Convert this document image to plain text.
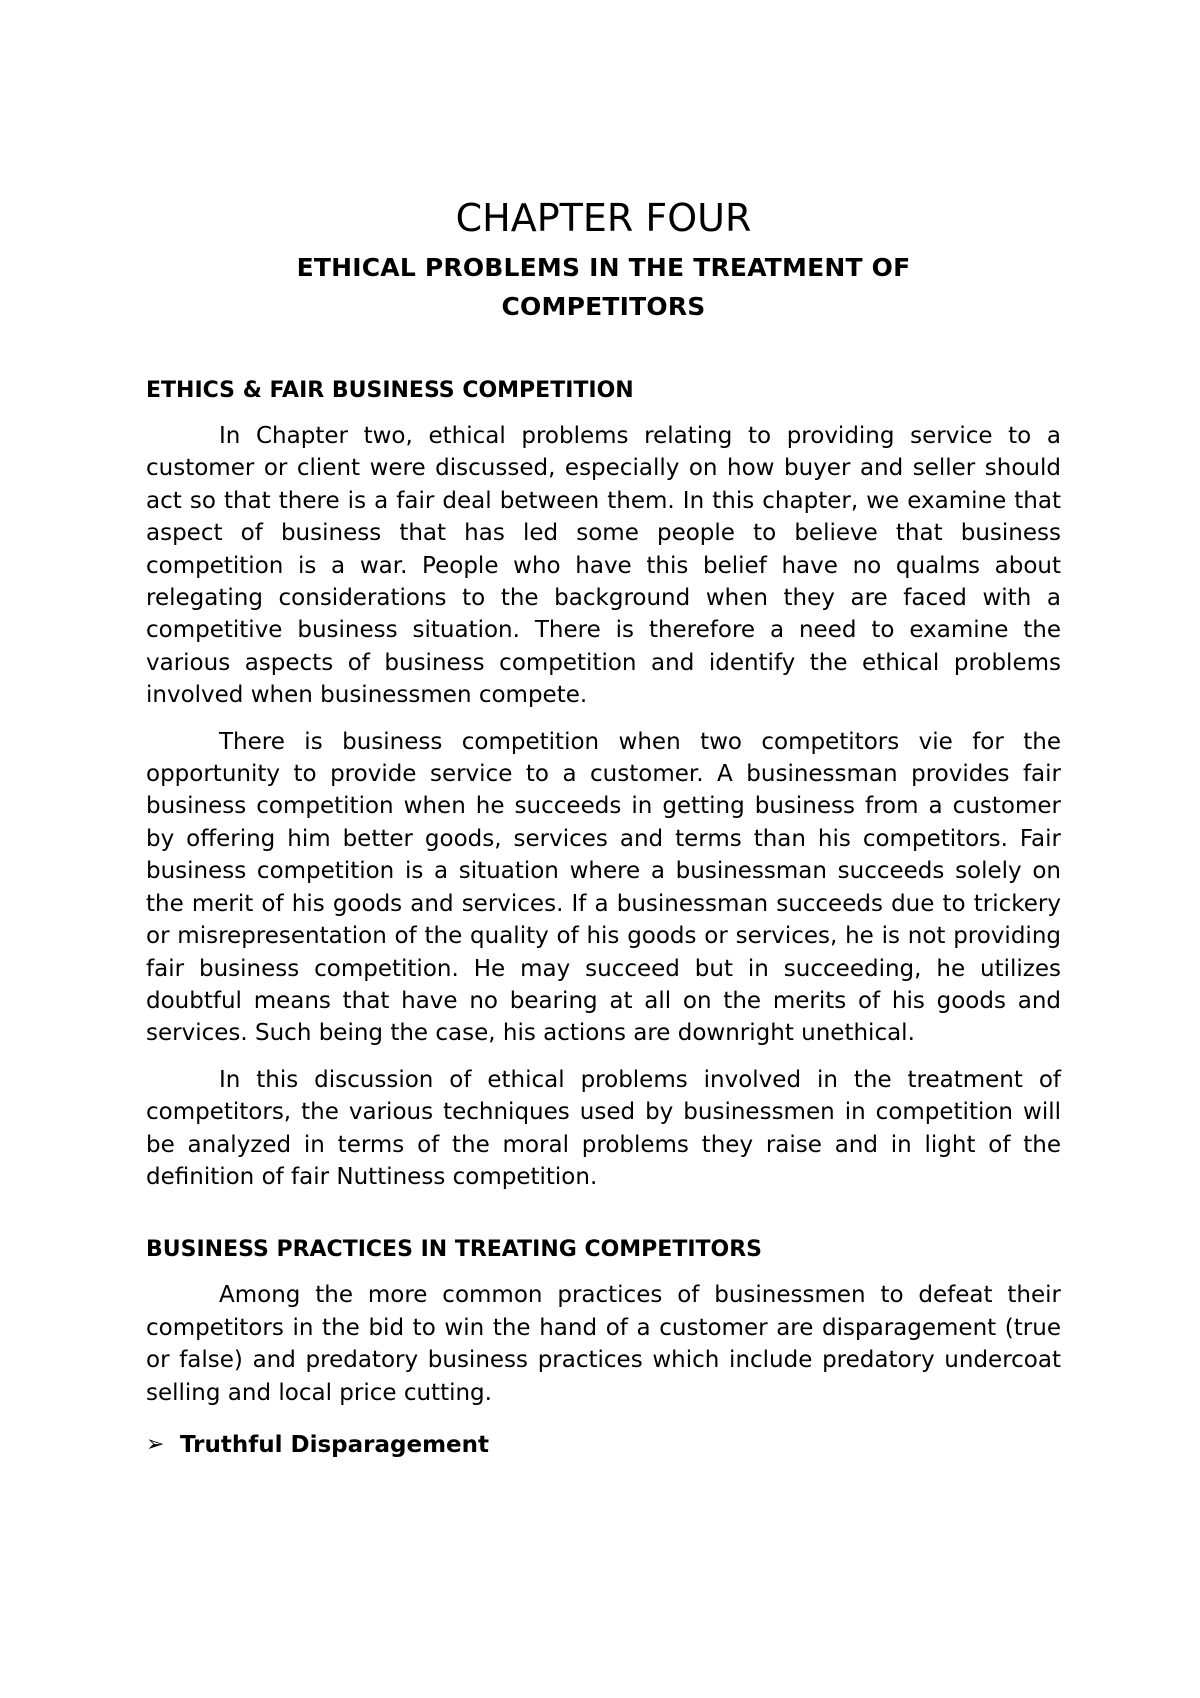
CHAPTER FOUR
ETHICAL PROBLEMS IN THE TREATMENT OF
COMPETITORS
ETHICS & FAIR BUSINESS COMPETITION

In Chapter two, ethical problems relating to providing service to a customer or client were discussed, especially on how buyer and seller should act so that there is a fair deal between them. In this chapter, we examine that aspect of business that has led some people to believe that business competition is a war. People who have this belief have no qualms about relegating considerations to the background when they are faced with a competitive business situation. There is therefore a need to examine the various aspects of business competition and identify the ethical problems involved when businessmen compete.

There is business competition when two competitors vie for the opportunity to provide service to a customer. A businessman provides fair business competition when he succeeds in getting business from a customer by offering him better goods, services and terms than his competitors. Fair business competition is a situation where a businessman succeeds solely on the merit of his goods and services. If a businessman succeeds due to trickery or misrepresentation of the quality of his goods or services, he is not providing fair business competition. He may succeed but in succeeding, he utilizes doubtful means that have no bearing at all on the merits of his goods and services. Such being the case, his actions are downright unethical.

In this discussion of ethical problems involved in the treatment of competitors, the various techniques used by businessmen in competition will be analyzed in terms of the moral problems they raise and in light of the definition of fair Nuttiness competition.

BUSINESS PRACTICES IN TREATING COMPETITORS

Among the more common practices of businessmen to defeat their competitors in the bid to win the hand of a customer are disparagement (true or false) and predatory business practices which include predatory undercoat selling and local price cutting.

➢ Truthful Disparagement
